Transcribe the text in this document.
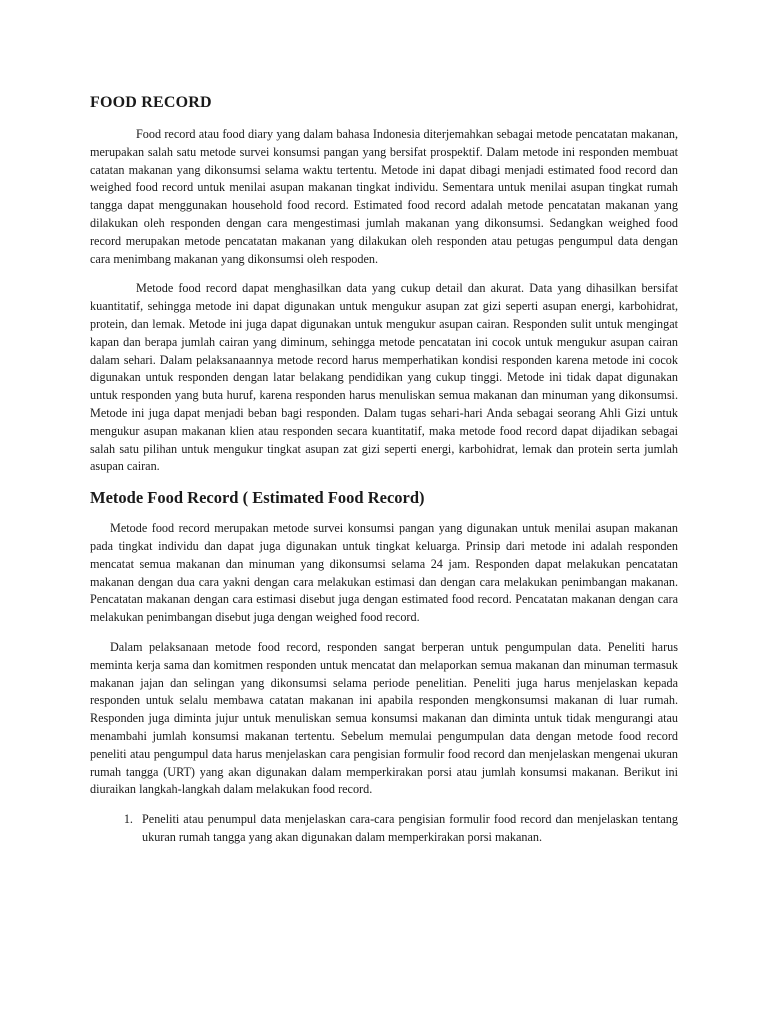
FOOD RECORD

Food record atau food diary yang dalam bahasa Indonesia diterjemahkan sebagai metode pencatatan makanan, merupakan salah satu metode survei konsumsi pangan yang bersifat prospektif. Dalam metode ini responden membuat catatan makanan yang dikonsumsi selama waktu tertentu. Metode ini dapat dibagi menjadi estimated food record dan weighed food record untuk menilai asupan makanan tingkat individu. Sementara untuk menilai asupan tingkat rumah tangga dapat menggunakan household food record. Estimated food record adalah metode pencatatan makanan yang dilakukan oleh responden dengan cara mengestimasi jumlah makanan yang dikonsumsi. Sedangkan weighed food record merupakan metode pencatatan makanan yang dilakukan oleh responden atau petugas pengumpul data dengan cara menimbang makanan yang dikonsumsi oleh respoden.

Metode food record dapat menghasilkan data yang cukup detail dan akurat. Data yang dihasilkan bersifat kuantitatif, sehingga metode ini dapat digunakan untuk mengukur asupan zat gizi seperti asupan energi, karbohidrat, protein, dan lemak. Metode ini juga dapat digunakan untuk mengukur asupan cairan. Responden sulit untuk mengingat kapan dan berapa jumlah cairan yang diminum, sehingga metode pencatatan ini cocok untuk mengukur asupan cairan dalam sehari. Dalam pelaksanaannya metode record harus memperhatikan kondisi responden karena metode ini cocok digunakan untuk responden dengan latar belakang pendidikan yang cukup tinggi. Metode ini tidak dapat digunakan untuk responden yang buta huruf, karena responden harus menuliskan semua makanan dan minuman yang dikonsumsi. Metode ini juga dapat menjadi beban bagi responden. Dalam tugas sehari-hari Anda sebagai seorang Ahli Gizi untuk mengukur asupan makanan klien atau responden secara kuantitatif, maka metode food record dapat dijadikan sebagai salah satu pilihan untuk mengukur tingkat asupan zat gizi seperti energi, karbohidrat, lemak dan protein serta jumlah asupan cairan.

Metode Food Record ( Estimated Food Record)

Metode food record merupakan metode survei konsumsi pangan yang digunakan untuk menilai asupan makanan pada tingkat individu dan dapat juga digunakan untuk tingkat keluarga. Prinsip dari metode ini adalah responden mencatat semua makanan dan minuman yang dikonsumsi selama 24 jam. Responden dapat melakukan pencatatan makanan dengan dua cara yakni dengan cara melakukan estimasi dan dengan cara melakukan penimbangan makanan. Pencatatan makanan dengan cara estimasi disebut juga dengan estimated food record. Pencatatan makanan dengan cara melakukan penimbangan disebut juga dengan weighed food record.

Dalam pelaksanaan metode food record, responden sangat berperan untuk pengumpulan data. Peneliti harus meminta kerja sama dan komitmen responden untuk mencatat dan melaporkan semua makanan dan minuman termasuk makanan jajan dan selingan yang dikonsumsi selama periode penelitian. Peneliti juga harus menjelaskan kepada responden untuk selalu membawa catatan makanan ini apabila responden mengkonsumsi makanan di luar rumah. Responden juga diminta jujur untuk menuliskan semua konsumsi makanan dan diminta untuk tidak mengurangi atau menambahi jumlah konsumsi makanan tertentu. Sebelum memulai pengumpulan data dengan metode food record peneliti atau pengumpul data harus menjelaskan cara pengisian formulir food record dan menjelaskan mengenai ukuran rumah tangga (URT) yang akan digunakan dalam memperkirakan porsi atau jumlah konsumsi makanan. Berikut ini diuraikan langkah-langkah dalam melakukan food record.

1. Peneliti atau penumpul data menjelaskan cara-cara pengisian formulir food record dan menjelaskan tentang ukuran rumah tangga yang akan digunakan dalam memperkirakan porsi makanan.
